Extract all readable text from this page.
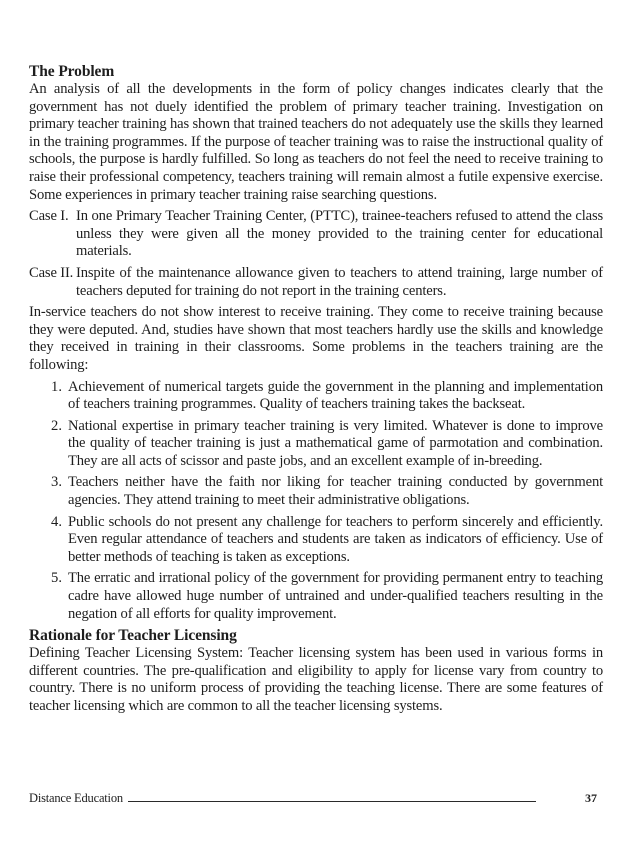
The Problem

An analysis of all the developments in the form of policy changes indicates clearly that the government has not duely identified the problem of primary teacher training. Investigation on primary teacher training has shown that trained teachers do not adequately use the skills they learned in the training programmes. If the purpose of teacher training was to raise the instructional quality of schools, the purpose is hardly fulfilled. So long as teachers do not feel the need to receive training to raise their professional competency, teachers training will remain almost a futile expensive exercise. Some experiences in primary teacher training raise searching questions.

Case I. In one Primary Teacher Training Center, (PTTC), trainee-teachers refused to attend the class unless they were given all the money provided to the training center for educational materials.
Case II. Inspite of the maintenance allowance given to teachers to attend training, large number of teachers deputed for training do not report in the training centers.

In-service teachers do not show interest to receive training. They come to receive training because they were deputed. And, studies have shown that most teachers hardly use the skills and knowledge they received in training in their classrooms. Some problems in the teachers training are the following:

1. Achievement of numerical targets guide the government in the planning and implementation of teachers training programmes. Quality of teachers training takes the backseat.
2. National expertise in primary teacher training is very limited. Whatever is done to improve the quality of teacher training is just a mathematical game of parmotation and combination. They are all acts of scissor and paste jobs, and an excellent example of in-breeding.
3. Teachers neither have the faith nor liking for teacher training conducted by government agencies. They attend training to meet their administrative obligations.
4. Public schools do not present any challenge for teachers to perform sincerely and efficiently. Even regular attendance of teachers and students are taken as indicators of efficiency. Use of better methods of teaching is taken as exceptions.
5. The erratic and irrational policy of the government for providing permanent entry to teaching cadre have allowed huge number of untrained and under-qualified teachers resulting in the negation of all efforts for quality improvement.
Rationale for Teacher Licensing

Defining Teacher Licensing System: Teacher licensing system has been used in various forms in different countries. The pre-qualification and eligibility to apply for license vary from country to country. There is no uniform process of providing the teaching license. There are some features of teacher licensing which are common to all the teacher licensing systems.

Distance Education	37
